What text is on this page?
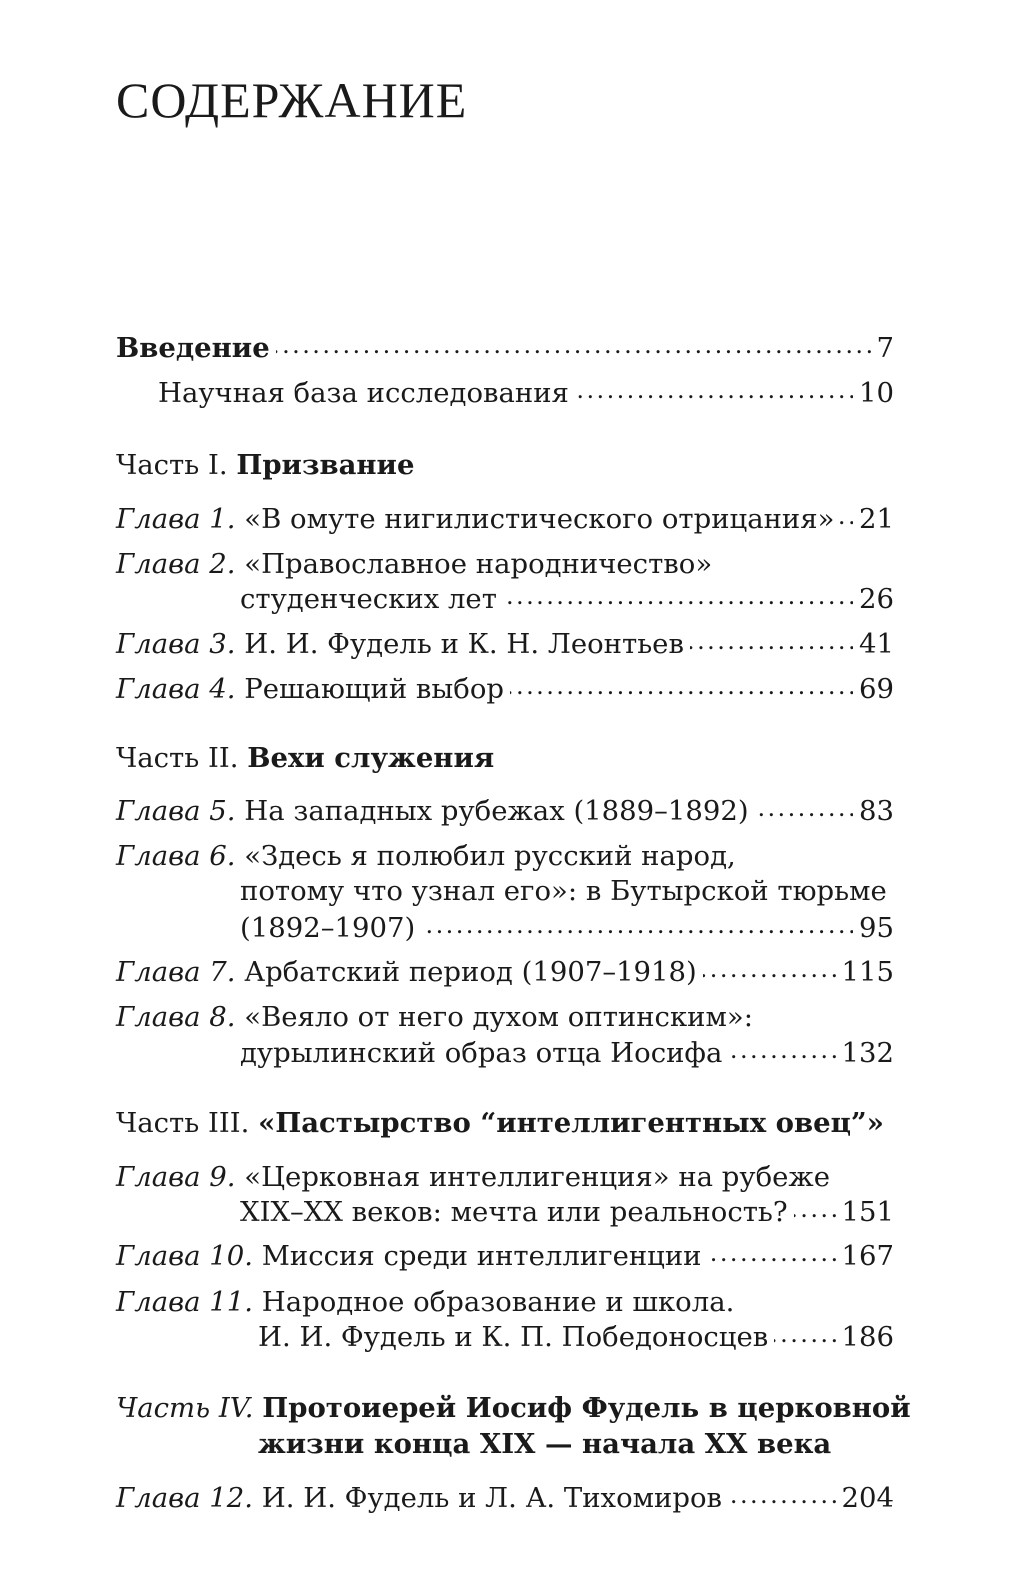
СОДЕРЖАНИЕ
Введение . . .	7
Научная база исследования . . .	10
Часть I. Призвание
Глава 1. «В омуте нигилистического отрицания» . . . 21
Глава 2. «Православное народничество»
студенческих лет . . .	26
Глава 3. И. И. Фудель и К. Н. Леонтьев . . .	41
Глава 4. Решающий выбор . . .	69
Часть II. Вехи служения
Глава 5. На западных рубежах (1889–1892) . . .	83
Глава 6. «Здесь я полюбил русский народ,
потому что узнал его»: в Бутырской тюрьме
(1892–1907) . . .	95
Глава 7. Арбатский период (1907–1918) . . .	115
Глава 8. «Веяло от него духом оптинским»:
дурылинский образ отца Иосифа . . .	132
Часть III. «Пастырство “интеллигентных овец”»
Глава 9. «Церковная интеллигенция» на рубеже
XIX–XX веков: мечта или реальность? . . . 151
Глава 10. Миссия среди интеллигенции . . .	167
Глава 11. Народное образование и школа.
И. И. Фудель и К. П. Победоносцев . . .	186
Часть IV. Протоиерей Иосиф Фудель в церковной
жизни конца XIX — начала XX века
Глава 12. И. И. Фудель и Л. А. Тихомиров . . .	204
